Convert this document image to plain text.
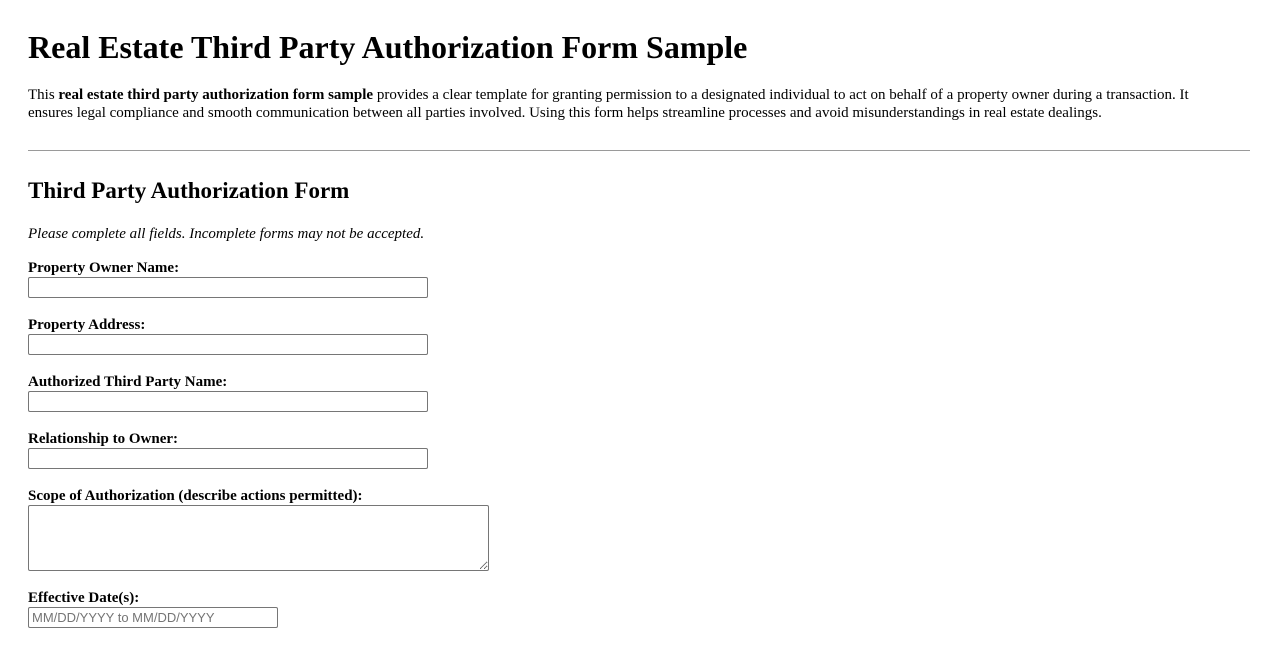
Real Estate Third Party Authorization Form Sample

This real estate third party authorization form sample provides a clear template for granting permission to a designated individual to act on behalf of a property owner during a transaction. It ensures legal compliance and smooth communication between all parties involved. Using this form helps streamline processes and avoid misunderstandings in real estate dealings.

Third Party Authorization Form

Please complete all fields. Incomplete forms may not be accepted.

Property Owner Name:
Property Address:
Authorized Third Party Name:
Relationship to Owner:
Scope of Authorization (describe actions permitted):
Effective Date(s):
MM/DD/YYYY to MM/DD/YYYY
